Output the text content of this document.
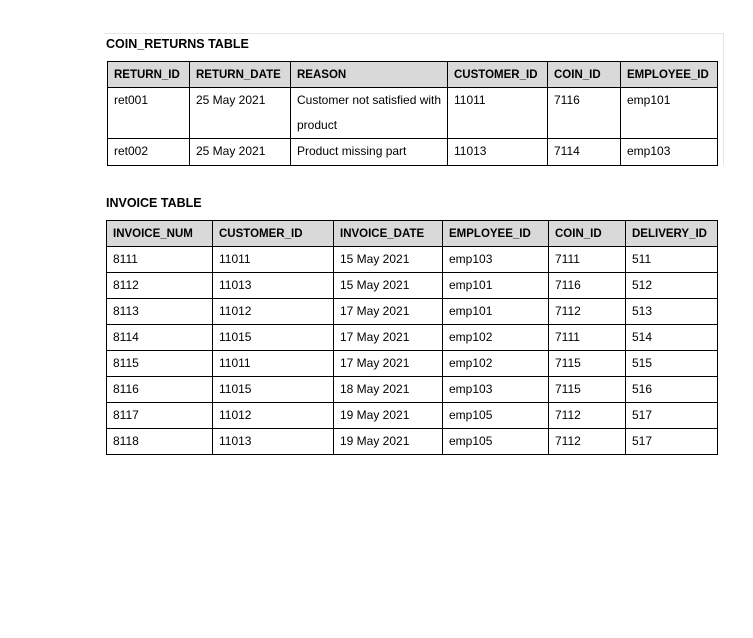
COIN_RETURNS TABLE
RETURN_ID	RETURN_DATE	REASON	CUSTOMER_ID	COIN_ID	EMPLOYEE_ID
ret001	25 May 2021	Customer not satisfied with product	11011	7116	emp101
ret002	25 May 2021	Product missing part	11013	7114	emp103
INVOICE TABLE
INVOICE_NUM	CUSTOMER_ID	INVOICE_DATE	EMPLOYEE_ID	COIN_ID	DELIVERY_ID
8111	11011	15 May 2021	emp103	7111	511
8112	11013	15 May 2021	emp101	7116	512
8113	11012	17 May 2021	emp101	7112	513
8114	11015	17 May 2021	emp102	7111	514
8115	11011	17 May 2021	emp102	7115	515
8116	11015	18 May 2021	emp103	7115	516
8117	11012	19 May 2021	emp105	7112	517
8118	11013	19 May 2021	emp105	7112	517
